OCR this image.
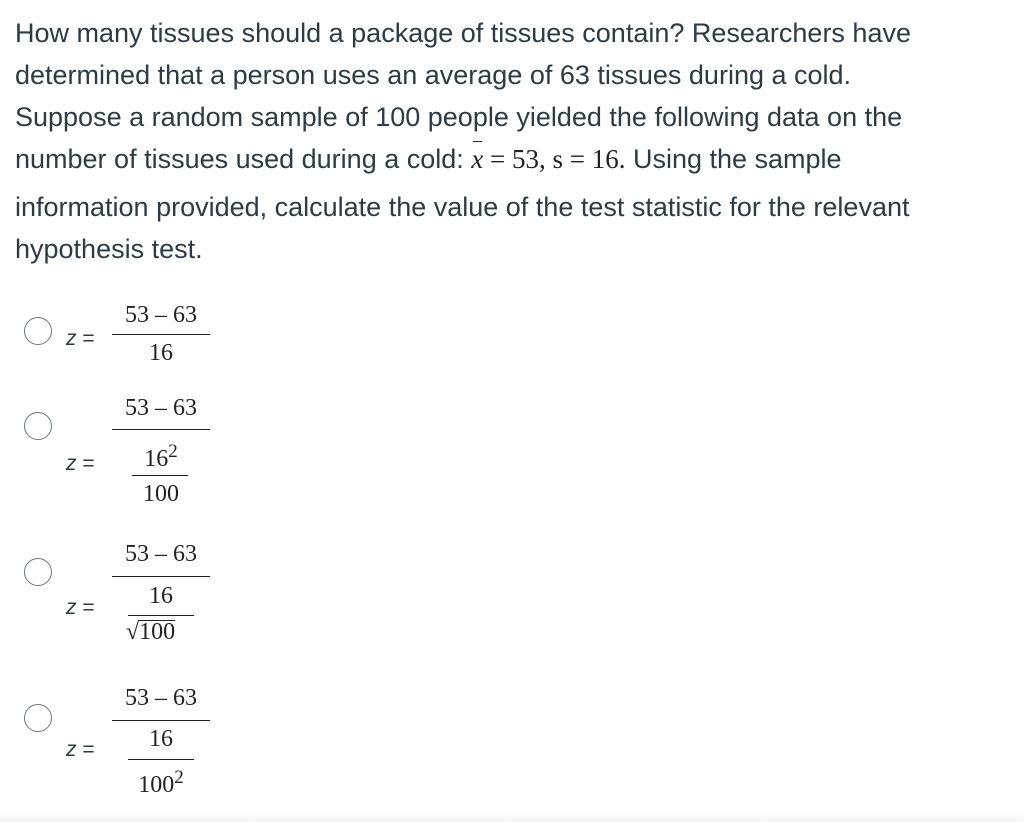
How many tissues should a package of tissues contain? Researchers have
determined that a person uses an average of 63 tissues during a cold.
Suppose a random sample of 100 people yielded the following data on the
number of tissues used during a cold: x = 53, s = 16. Using the sample
information provided, calculate the value of the test statistic for the relevant
hypothesis test.
z =
53 – 63
16
z =
53 – 63
$16^2$
100
z =
53 – 63
16
√100
z =
53 – 63
16
$100^2$
